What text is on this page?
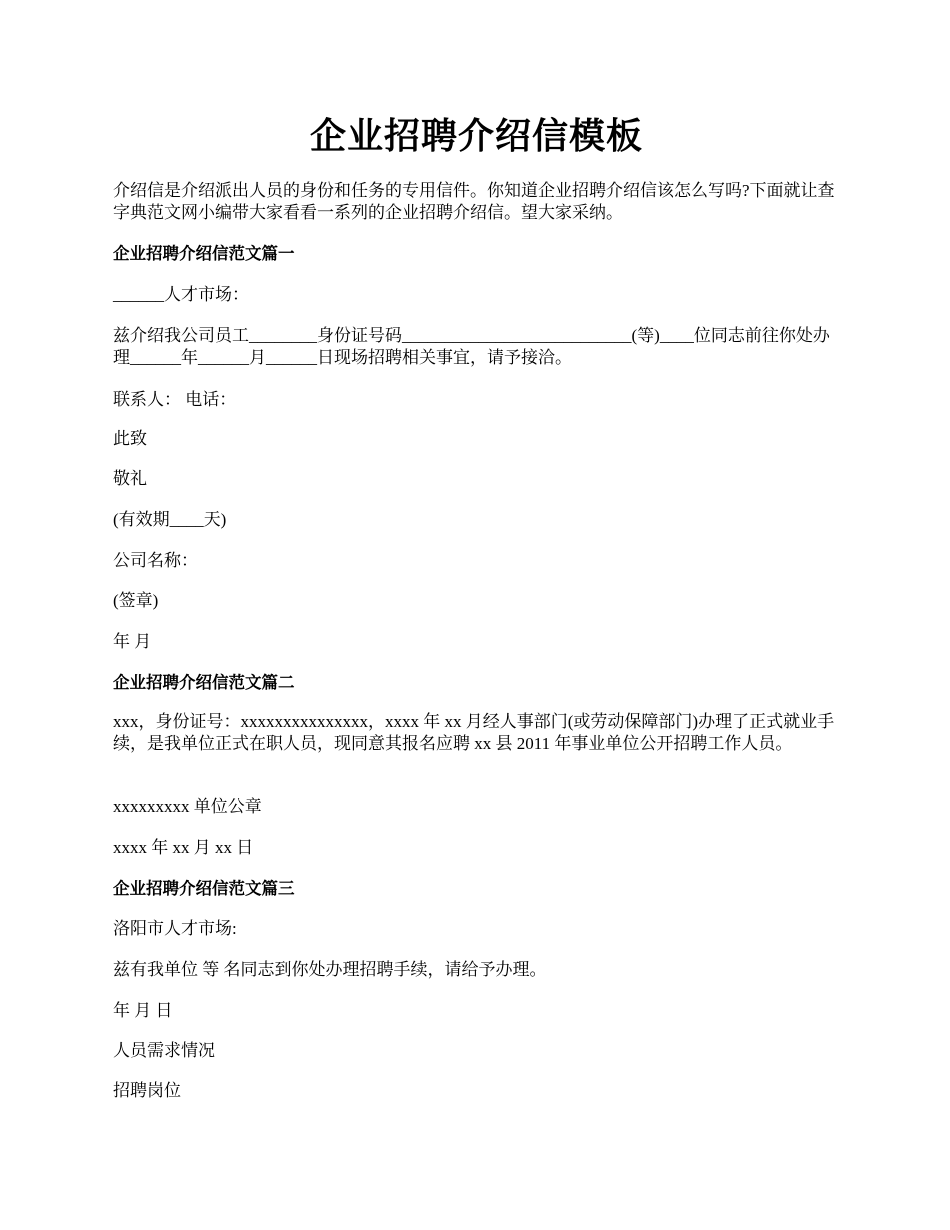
企业招聘介绍信模板
介绍信是介绍派出人员的身份和任务的专用信件。你知道企业招聘介绍信该怎么写吗?下面就让查字典范文网小编带大家看看一系列的企业招聘介绍信。望大家采纳。
企业招聘介绍信范文篇一
______人才市场：
兹介绍我公司员工________身份证号码___________________________(等)____位同志前往你处办理______年______月______日现场招聘相关事宜，请予接洽。
联系人： 电话：
此致
敬礼
(有效期____天)
公司名称：
(签章)
年 月
企业招聘介绍信范文篇二
xxx，身份证号：xxxxxxxxxxxxxxx，xxxx 年 xx 月经人事部门(或劳动保障部门)办理了正式就业手续，是我单位正式在职人员，现同意其报名应聘 xx 县 2011 年事业单位公开招聘工作人员。
xxxxxxxxx 单位公章
xxxx 年 xx 月 xx 日
企业招聘介绍信范文篇三
洛阳市人才市场:
兹有我单位 等 名同志到你处办理招聘手续，请给予办理。
年 月 日
人员需求情况
招聘岗位
